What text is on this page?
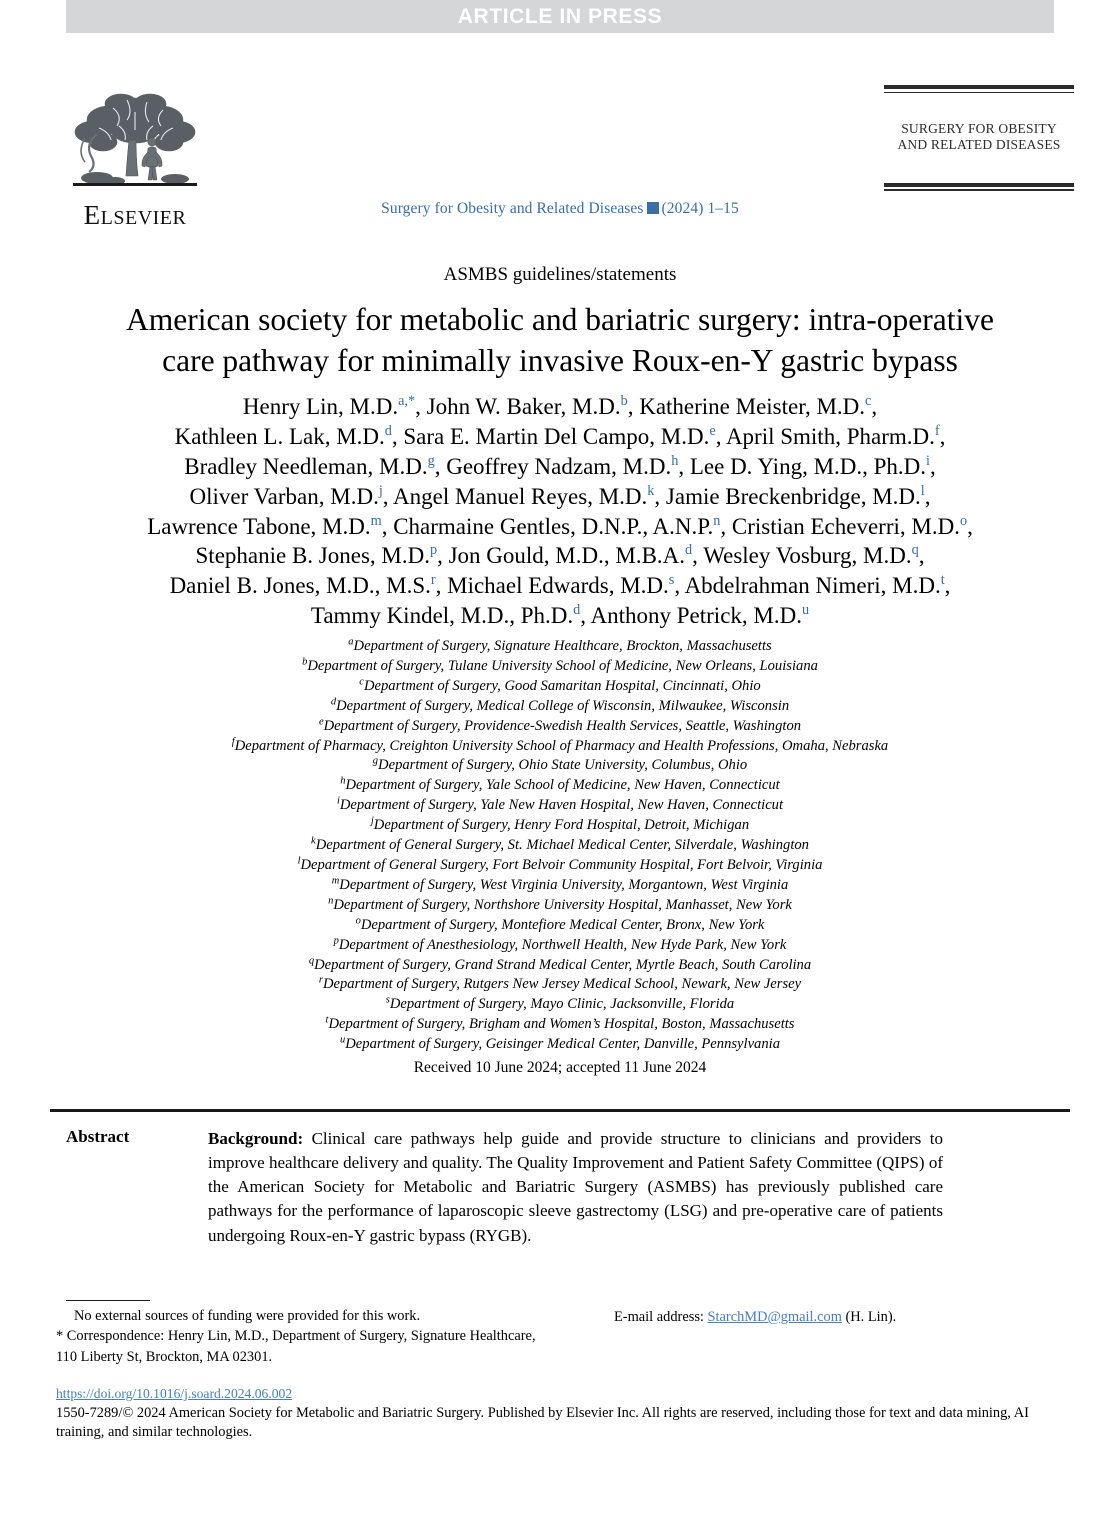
ARTICLE IN PRESS
ELSEVIER	Surgery for Obesity and Related Diseases (2024) 1–15
SURGERY FOR OBESITY
AND RELATED DISEASES
ASMBS guidelines/statements
American society for metabolic and bariatric surgery: intra-operative
care pathway for minimally invasive Roux-en-Y gastric bypass
Henry Lin, M.D.$^{a,*}$, John W. Baker, M.D.$^b$, Katherine Meister, M.D.$^c$,
Kathleen L. Lak, M.D.$^d$, Sara E. Martin Del Campo, M.D.$^e$, April Smith, Pharm.D.$^f$,
Bradley Needleman, M.D.$^g$, Geoffrey Nadzam, M.D.$^h$, Lee D. Ying, M.D., Ph.D.$^i$,
Oliver Varban, M.D.$^j$, Angel Manuel Reyes, M.D.$^k$, Jamie Breckenbridge, M.D.$^l$,
Lawrence Tabone, M.D.$^m$, Charmaine Gentles, D.N.P., A.N.P.$^n$, Cristian Echeverri, M.D.$^o$,
Stephanie B. Jones, M.D.$^p$, Jon Gould, M.D., M.B.A.$^d$, Wesley Vosburg, M.D.$^q$,
Daniel B. Jones, M.D., M.S.$^r$, Michael Edwards, M.D.$^s$, Abdelrahman Nimeri, M.D.$^t$,
Tammy Kindel, M.D., Ph.D.$^d$, Anthony Petrick, M.D.$^u$
$^a$Department of Surgery, Signature Healthcare, Brockton, Massachusetts
$^b$Department of Surgery, Tulane University School of Medicine, New Orleans, Louisiana
$^c$Department of Surgery, Good Samaritan Hospital, Cincinnati, Ohio
$^d$Department of Surgery, Medical College of Wisconsin, Milwaukee, Wisconsin
$^e$Department of Surgery, Providence-Swedish Health Services, Seattle, Washington
$^f$Department of Pharmacy, Creighton University School of Pharmacy and Health Professions, Omaha, Nebraska
$^g$Department of Surgery, Ohio State University, Columbus, Ohio
$^h$Department of Surgery, Yale School of Medicine, New Haven, Connecticut
$^i$Department of Surgery, Yale New Haven Hospital, New Haven, Connecticut
$^j$Department of Surgery, Henry Ford Hospital, Detroit, Michigan
$^k$Department of General Surgery, St. Michael Medical Center, Silverdale, Washington
$^l$Department of General Surgery, Fort Belvoir Community Hospital, Fort Belvoir, Virginia
$^m$Department of Surgery, West Virginia University, Morgantown, West Virginia
$^n$Department of Surgery, Northshore University Hospital, Manhasset, New York
$^o$Department of Surgery, Montefiore Medical Center, Bronx, New York
$^p$Department of Anesthesiology, Northwell Health, New Hyde Park, New York
$^q$Department of Surgery, Grand Strand Medical Center, Myrtle Beach, South Carolina
$^r$Department of Surgery, Rutgers New Jersey Medical School, Newark, New Jersey
$^s$Department of Surgery, Mayo Clinic, Jacksonville, Florida
$^t$Department of Surgery, Brigham and Women’s Hospital, Boston, Massachusetts
$^u$Department of Surgery, Geisinger Medical Center, Danville, Pennsylvania
Received 10 June 2024; accepted 11 June 2024
Abstract	Background: Clinical care pathways help guide and provide structure to clinicians and providers to improve healthcare delivery and quality. The Quality Improvement and Patient Safety Committee (QIPS) of the American Society for Metabolic and Bariatric Surgery (ASMBS) has previously published care pathways for the performance of laparoscopic sleeve gastrectomy (LSG) and pre-operative care of patients undergoing Roux-en-Y gastric bypass (RYGB).
No external sources of funding were provided for this work.
* Correspondence: Henry Lin, M.D., Department of Surgery, Signature Healthcare, 110 Liberty St, Brockton, MA 02301.
E-mail address: StarchMD@gmail.com (H. Lin).
https://doi.org/10.1016/j.soard.2024.06.002
1550-7289/© 2024 American Society for Metabolic and Bariatric Surgery. Published by Elsevier Inc. All rights are reserved, including those for text and data mining, AI training, and similar technologies.
